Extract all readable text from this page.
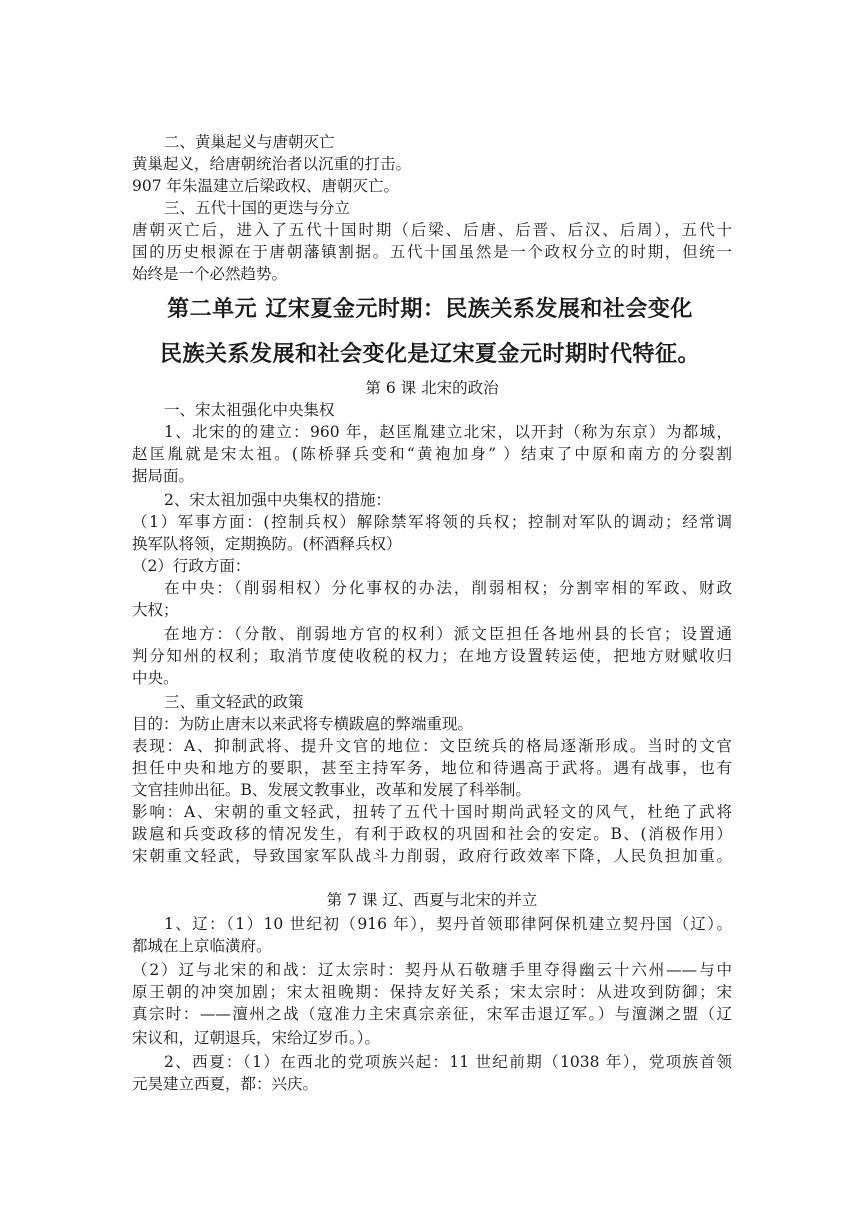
二、黄巢起义与唐朝灭亡
黄巢起义，给唐朝统治者以沉重的打击。
907 年朱温建立后梁政权、唐朝灭亡。
三、五代十国的更迭与分立
唐朝灭亡后，进入了五代十国时期（后梁、后唐、后晋、后汉、后周），五代十
国的历史根源在于唐朝藩镇割据。五代十国虽然是一个政权分立的时期，但统一
始终是一个必然趋势。
第二单元 辽宋夏金元时期：民族关系发展和社会变化
民族关系发展和社会变化是辽宋夏金元时期时代特征。
第 6 课 北宋的政治
一、宋太祖强化中央集权
1、北宋的的建立：960 年，赵匡胤建立北宋，以开封（称为东京）为都城，
赵匡胤就是宋太祖。(陈桥驿兵变和“黄袍加身” ）结束了中原和南方的分裂割
据局面。
2、宋太祖加强中央集权的措施：
（1）军事方面：(控制兵权）解除禁军将领的兵权；控制对军队的调动；经常调
换军队将领，定期换防。(杯酒释兵权）
（2）行政方面：
在中央：（削弱相权）分化事权的办法，削弱相权；分割宰相的军政、财政
大权；
在地方：（分散、削弱地方官的权利）派文臣担任各地州县的长官；设置通
判分知州的权利；取消节度使收税的权力；在地方设置转运使，把地方财赋收归
中央。
三、重文轻武的政策
目的：为防止唐末以来武将专横跋扈的弊端重现。
表现：A、抑制武将、提升文官的地位：文臣统兵的格局逐渐形成。当时的文官
担任中央和地方的要职，甚至主持军务，地位和待遇高于武将。遇有战事，也有
文官挂帅出征。B、发展文教事业，改革和发展了科举制。
影响：A、宋朝的重文轻武，扭转了五代十国时期尚武轻文的风气，杜绝了武将
跋扈和兵变政移的情况发生，有利于政权的巩固和社会的安定。B、(消极作用）
宋朝重文轻武，导致国家军队战斗力削弱，政府行政效率下降，人民负担加重。
第 7 课 辽、西夏与北宋的并立
1、辽：（1）10 世纪初（916 年），契丹首领耶律阿保机建立契丹国（辽）。
都城在上京临潢府。
（2）辽与北宋的和战：辽太宗时：契丹从石敬瑭手里夺得幽云十六州——与中
原王朝的冲突加剧；宋太祖晚期：保持友好关系；宋太宗时：从进攻到防御；宋
真宗时：——澶州之战（寇准力主宋真宗亲征，宋军击退辽军。）与澶渊之盟（辽
宋议和，辽朝退兵，宋给辽岁币。）。
2、西夏：（1）在西北的党项族兴起：11 世纪前期（1038 年），党项族首领
元昊建立西夏，都：兴庆。
